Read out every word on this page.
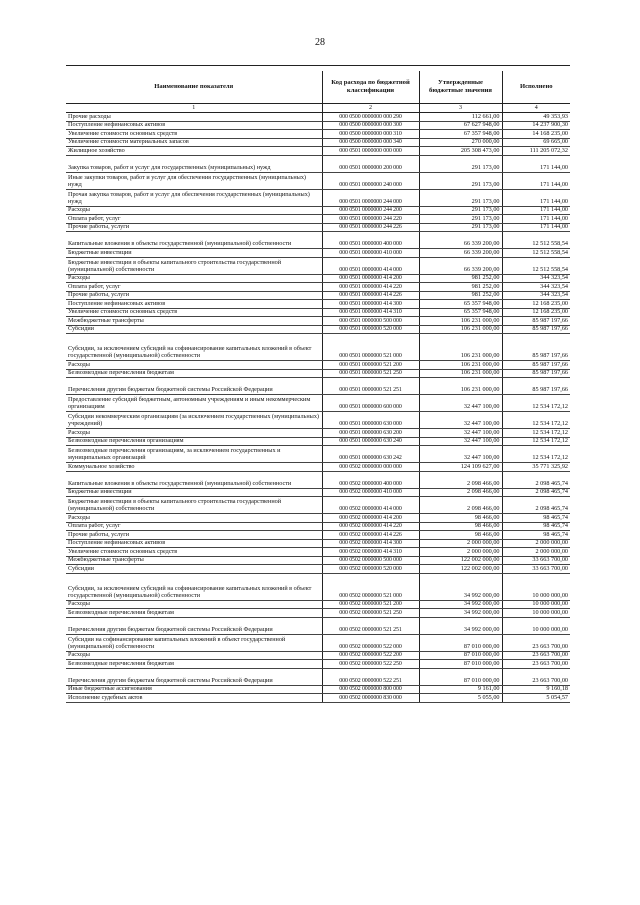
28
Наименование показателя	Код расхода по бюджетной классификации	Утвержденные бюджетные значения	Исполнено
1	2	3	4
Прочие расходы	000 0500 0000000 000 290	112 661,00	49 353,93
Поступление нефинансовых активов	000 0500 0000000 000 300	67 627 948,00	14 237 900,30
Увеличение стоимости основных средств	000 0500 0000000 000 310	67 357 948,00	14 168 235,00
Увеличение стоимости материальных запасов	000 0500 0000000 000 340	270 000,00	69 665,00
Жилищное хозяйство	000 0501 0000000 000 000	205 308 473,00	111 205 072,32
Закупка товаров, работ и услуг для государственных (муниципальных) нужд	000 0501 0000000 200 000	291 173,00	171 144,00
Иные закупки товаров, работ и услуг для обеспечения государственных (муниципальных) нужд	000 0501 0000000 240 000	291 173,00	171 144,00
Прочая закупка товаров, работ и услуг для обеспечения государственных (муниципальных) нужд	000 0501 0000000 244 000	291 173,00	171 144,00
Расходы	000 0501 0000000 244 200	291 173,00	171 144,00
Оплата работ, услуг	000 0501 0000000 244 220	291 173,00	171 144,00
Прочие работы, услуги	000 0501 0000000 244 226	291 173,00	171 144,00
Капитальные вложения в объекты государственной (муниципальной) собственности	000 0501 0000000 400 000	66 339 200,00	12 512 558,54
Бюджетные инвестиции	000 0501 0000000 410 000	66 339 200,00	12 512 558,54
Бюджетные инвестиции в объекты капитального строительства государственной (муниципальной) собственности	000 0501 0000000 414 000	66 339 200,00	12 512 558,54
Расходы	000 0501 0000000 414 200	981 252,00	344 323,54
Оплата работ, услуг	000 0501 0000000 414 220	981 252,00	344 323,54
Прочие работы, услуги	000 0501 0000000 414 226	981 252,00	344 323,54
Поступление нефинансовых активов	000 0501 0000000 414 300	65 357 948,00	12 168 235,00
Увеличение стоимости основных средств	000 0501 0000000 414 310	65 357 948,00	12 168 235,00
Межбюджетные трансферты	000 0501 0000000 500 000	106 231 000,00	85 987 197,66
Субсидии	000 0501 0000000 520 000	106 231 000,00	85 987 197,66
Субсидии, за исключением субсидий на софинансирование капитальных вложений в объект государственной (муниципальной) собственности	000 0501 0000000 521 000	106 231 000,00	85 987 197,66
Расходы	000 0501 0000000 521 200	106 231 000,00	85 987 197,66
Безвозмездные перечисления бюджетам	000 0501 0000000 521 250	106 231 000,00	85 987 197,66
Перечисления другим бюджетам бюджетной системы Российской Федерации	000 0501 0000000 521 251	106 231 000,00	85 987 197,66
Предоставление субсидий бюджетным, автономным учреждениям и иным некоммерческим организациям	000 0501 0000000 600 000	32 447 100,00	12 534 172,12
Субсидии некоммерческим организациям (за исключением государственных (муниципальных) учреждений)	000 0501 0000000 630 000	32 447 100,00	12 534 172,12
Расходы	000 0501 0000000 630 200	32 447 100,00	12 534 172,12
Безвозмездные перечисления организациям	000 0501 0000000 630 240	32 447 100,00	12 534 172,12
Безвозмездные перечисления организациям, за исключением государственных и муниципальных организаций	000 0501 0000000 630 242	32 447 100,00	12 534 172,12
Коммунальное хозяйство	000 0502 0000000 000 000	124 109 627,00	35 771 325,92
Капитальные вложения в объекты государственной (муниципальной) собственности	000 0502 0000000 400 000	2 098 466,00	2 098 465,74
Бюджетные инвестиции	000 0502 0000000 410 000	2 098 466,00	2 098 465,74
Бюджетные инвестиции в объекты капитального строительства государственной (муниципальной) собственности	000 0502 0000000 414 000	2 098 466,00	2 098 465,74
Расходы	000 0502 0000000 414 200	98 466,00	98 465,74
Оплата работ, услуг	000 0502 0000000 414 220	98 466,00	98 465,74
Прочие работы, услуги	000 0502 0000000 414 226	98 466,00	98 465,74
Поступление нефинансовых активов	000 0502 0000000 414 300	2 000 000,00	2 000 000,00
Увеличение стоимости основных средств	000 0502 0000000 414 310	2 000 000,00	2 000 000,00
Межбюджетные трансферты	000 0502 0000000 500 000	122 002 000,00	33 663 700,00
Субсидии	000 0502 0000000 520 000	122 002 000,00	33 663 700,00
Субсидии, за исключением субсидий на софинансирование капитальных вложений в объект государственной (муниципальной) собственности	000 0502 0000000 521 000	34 992 000,00	10 000 000,00
Расходы	000 0502 0000000 521 200	34 992 000,00	10 000 000,00
Безвозмездные перечисления бюджетам	000 0502 0000000 521 250	34 992 000,00	10 000 000,00
Перечисления другим бюджетам бюджетной системы Российской Федерации	000 0502 0000000 521 251	34 992 000,00	10 000 000,00
Субсидии на софинансирование капитальных вложений в объект государственной (муниципальной) собственности	000 0502 0000000 522 000	87 010 000,00	23 663 700,00
Расходы	000 0502 0000000 522 200	87 010 000,00	23 663 700,00
Безвозмездные перечисления бюджетам	000 0502 0000000 522 250	87 010 000,00	23 663 700,00
Перечисления другим бюджетам бюджетной системы Российской Федерации	000 0502 0000000 522 251	87 010 000,00	23 663 700,00
Иные бюджетные ассигнования	000 0502 0000000 800 000	9 161,00	9 160,18
Исполнение судебных актов	000 0502 0000000 830 000	5 055,00	5 054,57
